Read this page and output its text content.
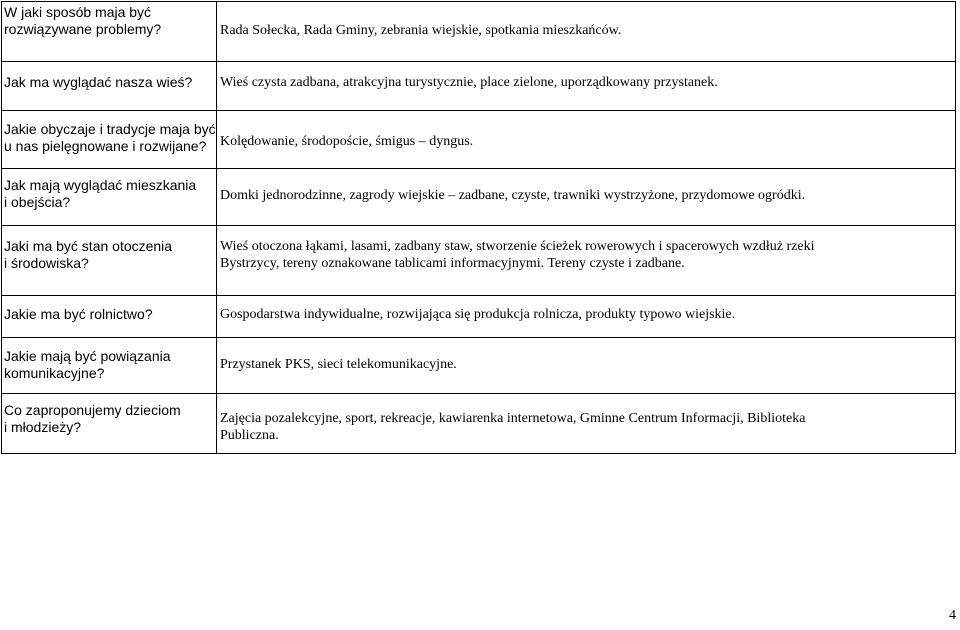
W jaki sposób maja być
rozwiązywane problemy?	Rada Sołecka, Rada Gminy, zebrania wiejskie, spotkania mieszkańców.

Jak ma wyglądać nasza wieś?	Wieś czysta zadbana, atrakcyjna turystycznie, place zielone, uporządkowany przystanek.

Jakie obyczaje i tradycje maja być
u nas pielęgnowane i rozwijane?	Kolędowanie, środopoście, śmigus – dyngus.

Jak mają wyglądać mieszkania
i obejścia?	Domki jednorodzinne, zagrody wiejskie – zadbane, czyste, trawniki wystrzyżone, przydomowe ogródki.

Jaki ma być stan otoczenia
i środowiska?	Wieś otoczona łąkami, lasami, zadbany staw, stworzenie ścieżek rowerowych i spacerowych wzdłuż rzeki
Bystrzycy, tereny oznakowane tablicami informacyjnymi. Tereny czyste i zadbane.

Jakie ma być rolnictwo?	Gospodarstwa indywidualne, rozwijająca się produkcja rolnicza, produkty typowo wiejskie.

Jakie mają być powiązania
komunikacyjne?	Przystanek PKS, sieci telekomunikacyjne.

Co zaproponujemy dzieciom
i młodzieży?	Zajęcia pozalekcyjne, sport, rekreacje, kawiarenka internetowa, Gminne Centrum Informacji, Biblioteka
Publiczna.
4
